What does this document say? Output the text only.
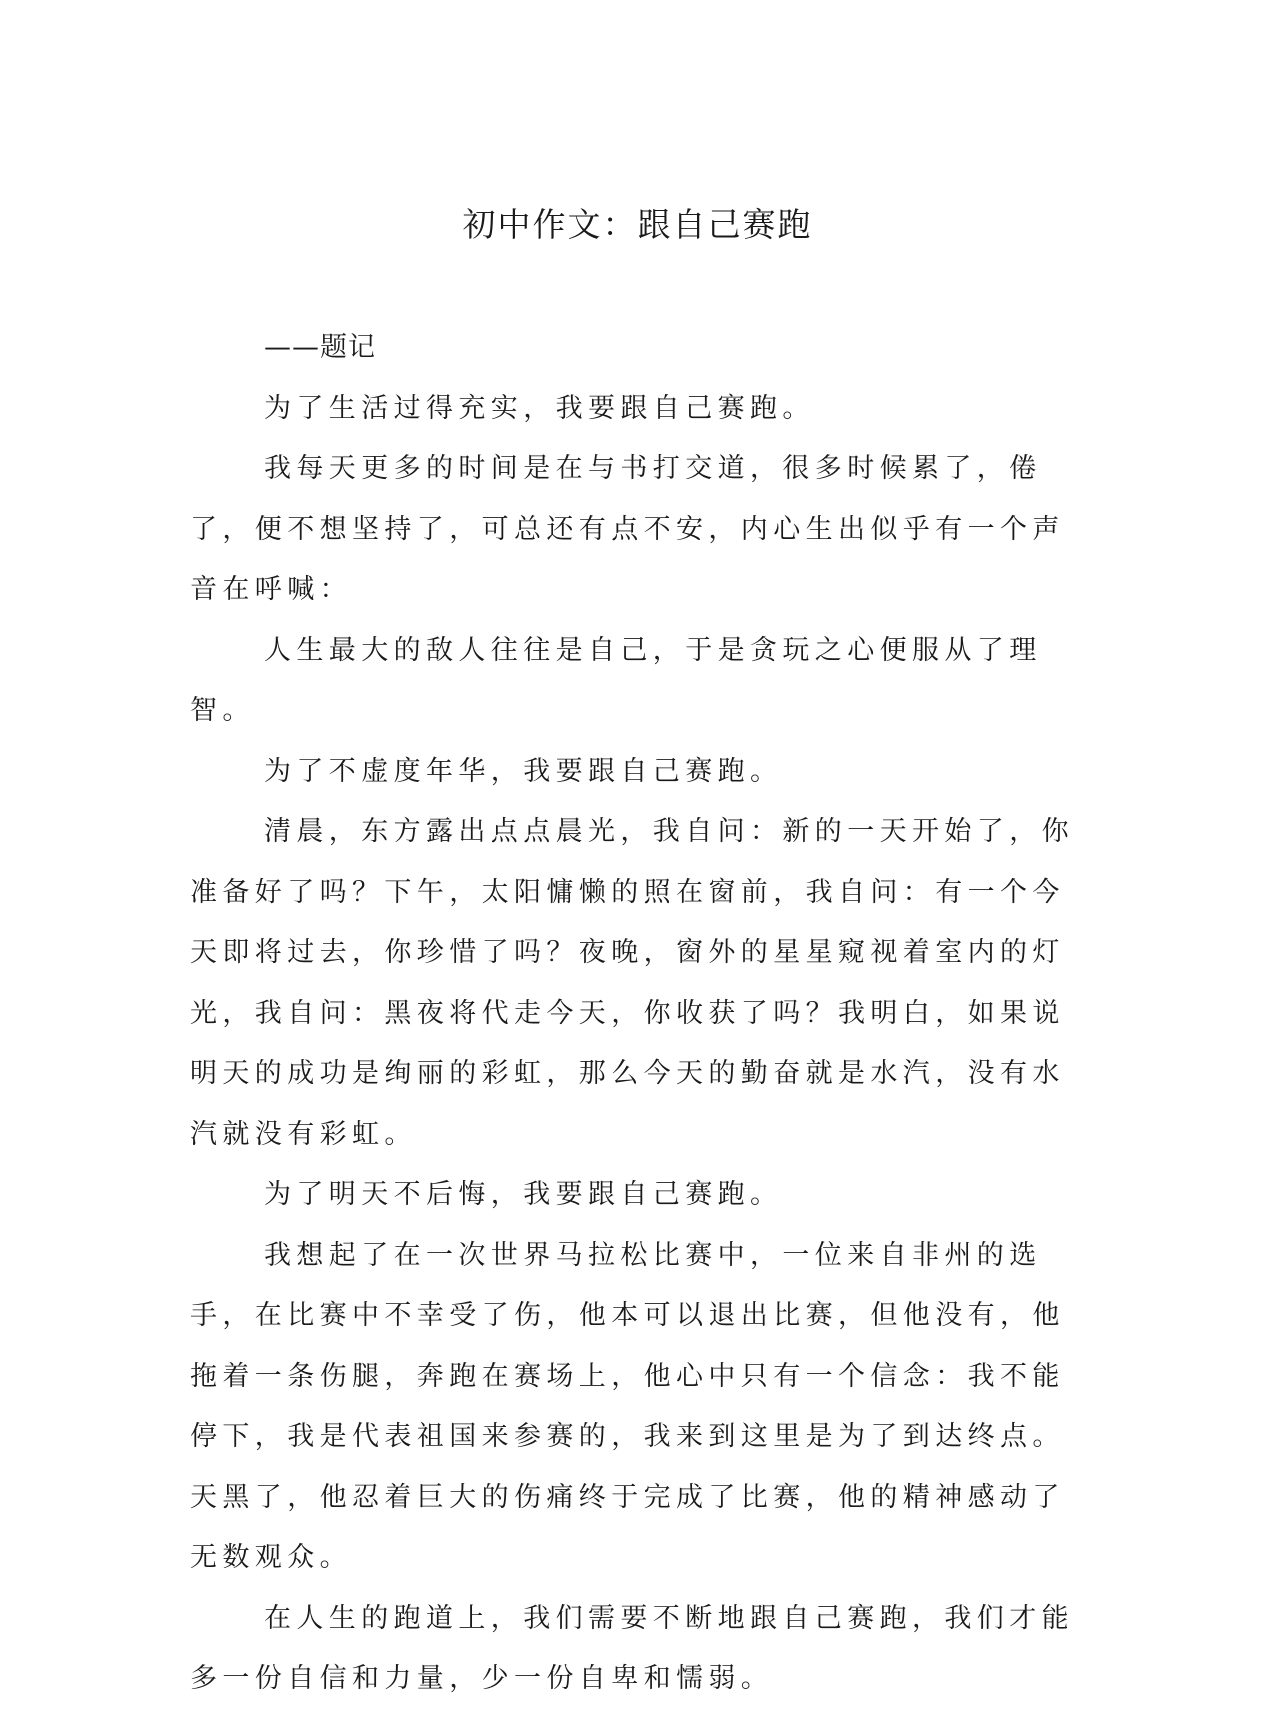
初中作文：跟自己赛跑

——题记

为了生活过得充实，我要跟自己赛跑。

我每天更多的时间是在与书打交道，很多时候累了，倦了，便不想坚持了，可总还有点不安，内心生出似乎有一个声音在呼喊：

人生最大的敌人往往是自己，于是贪玩之心便服从了理智。

为了不虚度年华，我要跟自己赛跑。

清晨，东方露出点点晨光，我自问：新的一天开始了，你准备好了吗？下午，太阳慵懒的照在窗前，我自问：有一个今天即将过去，你珍惜了吗？夜晚，窗外的星星窥视着室内的灯光，我自问：黑夜将代走今天，你收获了吗？我明白，如果说明天的成功是绚丽的彩虹，那么今天的勤奋就是水汽，没有水汽就没有彩虹。

为了明天不后悔，我要跟自己赛跑。

我想起了在一次世界马拉松比赛中，一位来自非州的选手，在比赛中不幸受了伤，他本可以退出比赛，但他没有，他拖着一条伤腿，奔跑在赛场上，他心中只有一个信念：我不能停下，我是代表祖国来参赛的，我来到这里是为了到达终点。天黑了，他忍着巨大的伤痛终于完成了比赛，他的精神感动了无数观众。

在人生的跑道上，我们需要不断地跟自己赛跑，我们才能多一份自信和力量，少一份自卑和懦弱。
